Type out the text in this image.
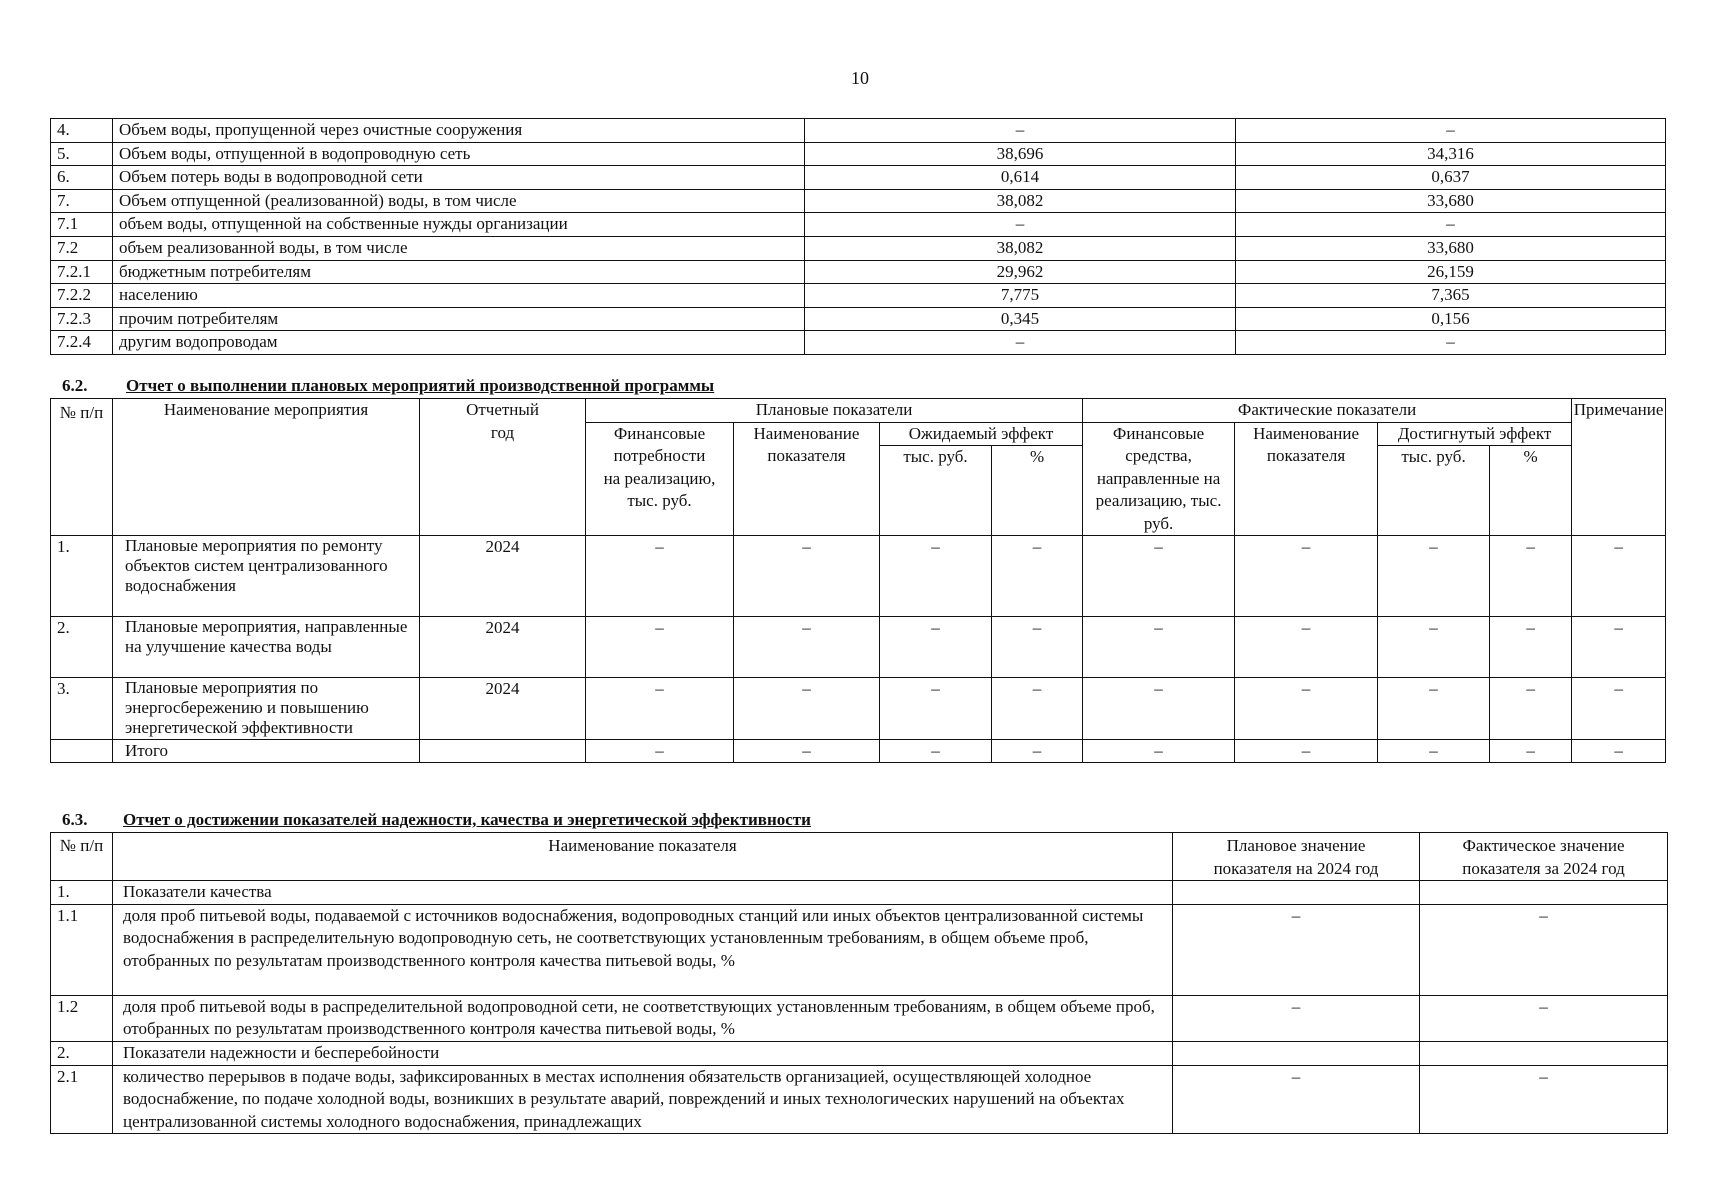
10
4.	Объем воды, пропущенной через очистные сооружения	–	–
5.	Объем воды, отпущенной в водопроводную сеть	38,696	34,316
6.	Объем потерь воды в водопроводной сети	0,614	0,637
7.	Объем отпущенной (реализованной) воды, в том числе	38,082	33,680
7.1	объем воды, отпущенной на собственные нужды организации	–	–
7.2	объем реализованной воды, в том числе	38,082	33,680
7.2.1	бюджетным потребителям	29,962	26,159
7.2.2	населению	7,775	7,365
7.2.3	прочим потребителям	0,345	0,156
7.2.4	другим водопроводам	–	–
6.2. Отчет о выполнении плановых мероприятий производственной программы
№ п/п	Наименование мероприятия	Отчетный год	Плановые показатели				Фактические показатели				Примечание

			Финансовые потребности на реализацию, тыс. руб.	Наименование показателя	Ожидаемый эффект		Финансовые средства, направленные на реализацию, тыс. руб.	Наименование показателя	Достигнутый эффект		
					тыс. руб.	%			тыс. руб.	%	
1.	Плановые мероприятия по ремонту объектов систем централизованного водоснабжения	2024	–	–	–	–	–	–	–	–	–
2.	Плановые мероприятия, направленные на улучшение качества воды	2024	–	–	–	–	–	–	–	–	–
3.	Плановые мероприятия по энергосбережению и повышению энергетической эффективности	2024	–	–	–	–	–	–	–	–	–
	Итого		–	–	–	–	–	–	–	–	–
6.3. Отчет о достижении показателей надежности, качества и энергетической эффективности
№ п/п	Наименование показателя	Плановое значение показателя на 2024 год	Фактическое значение показателя за 2024 год

1.	Показатели качества		
1.1	доля проб питьевой воды, подаваемой с источников водоснабжения, водопроводных станций или иных объектов централизованной системы водоснабжения в распределительную водопроводную сеть, не соответствующих установленным требованиям, в общем объеме проб, отобранных по результатам производственного контроля качества питьевой воды, %	–	–
1.2	доля проб питьевой воды в распределительной водопроводной сети, не соответствующих установленным требованиям, в общем объеме проб, отобранных по результатам производственного контроля качества питьевой воды, %	–	–
2.	Показатели надежности и бесперебойности		
2.1	количество перерывов в подаче воды, зафиксированных в местах исполнения обязательств организацией, осуществляющей холодное водоснабжение, по подаче холодной воды, возникших в результате аварий, повреждений и иных технологических нарушений на объектах централизованной системы холодного водоснабжения, принадлежащих	–	–
